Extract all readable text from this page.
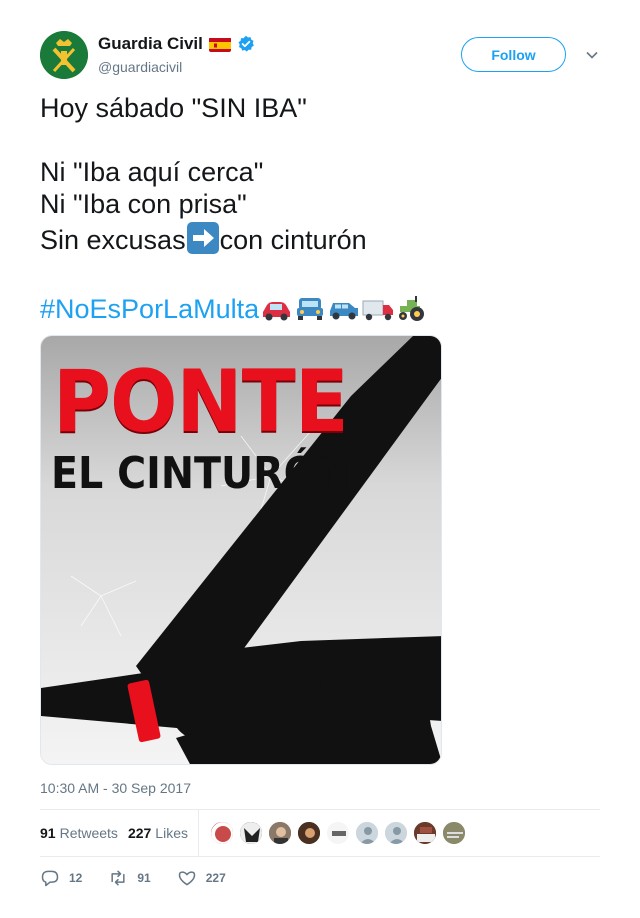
Guardia Civil
@guardiacivil
Follow
Hoy sábado "SIN IBA"
Ni "Iba aquí cerca"
Ni "Iba con prisa"
Sin excusas con cinturón
#NoEsPorLaMulta
PONTE
EL CINTURÓN
10:30 AM - 30 Sep 2017
91 Retweets 227 Likes
12	91	227
